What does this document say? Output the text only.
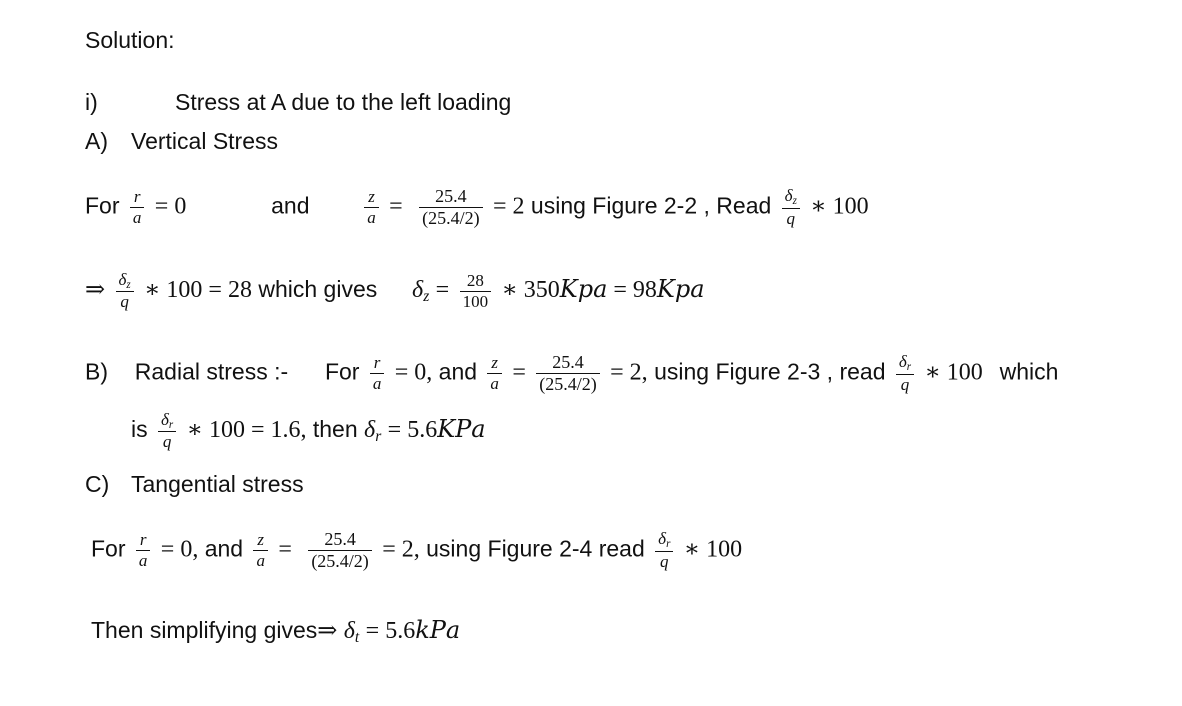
Solution:
i)	Stress at A due to the left loading
A) Vertical Stress
For $\frac{r}{a} = 0$	and	$\frac{z}{a} = \frac{25.4}{(25.4/2)} = 2$ using Figure 2-2 , Read $\frac{\delta_z}{q}$ ∗ 100
⇒ $\frac{\delta_z}{q}$ ∗ 100 = 28 which gives $\delta_z = \frac{28}{100}$ ∗ 350𝐾𝑝𝑎 = 98𝐾𝑝𝑎
B) Radial stress :- For $\frac{r}{a} = 0$, and $\frac{z}{a} = \frac{25.4}{(25.4/2)} = 2$, using Figure 2-3 , read $\frac{\delta_r}{q}$ ∗ 100 which
is $\frac{\delta_r}{q}$ ∗ 100 = 1.6, then $\delta_r$ = 5.6𝐾𝑃𝑎
C) Tangential stress
For $\frac{r}{a} = 0$, and $\frac{z}{a} = \frac{25.4}{(25.4/2)} = 2$, using Figure 2-4 read $\frac{\delta_r}{q}$ ∗ 100
Then simplifying gives⇒ $\delta_t$ = 5.6𝑘𝑃𝑎
